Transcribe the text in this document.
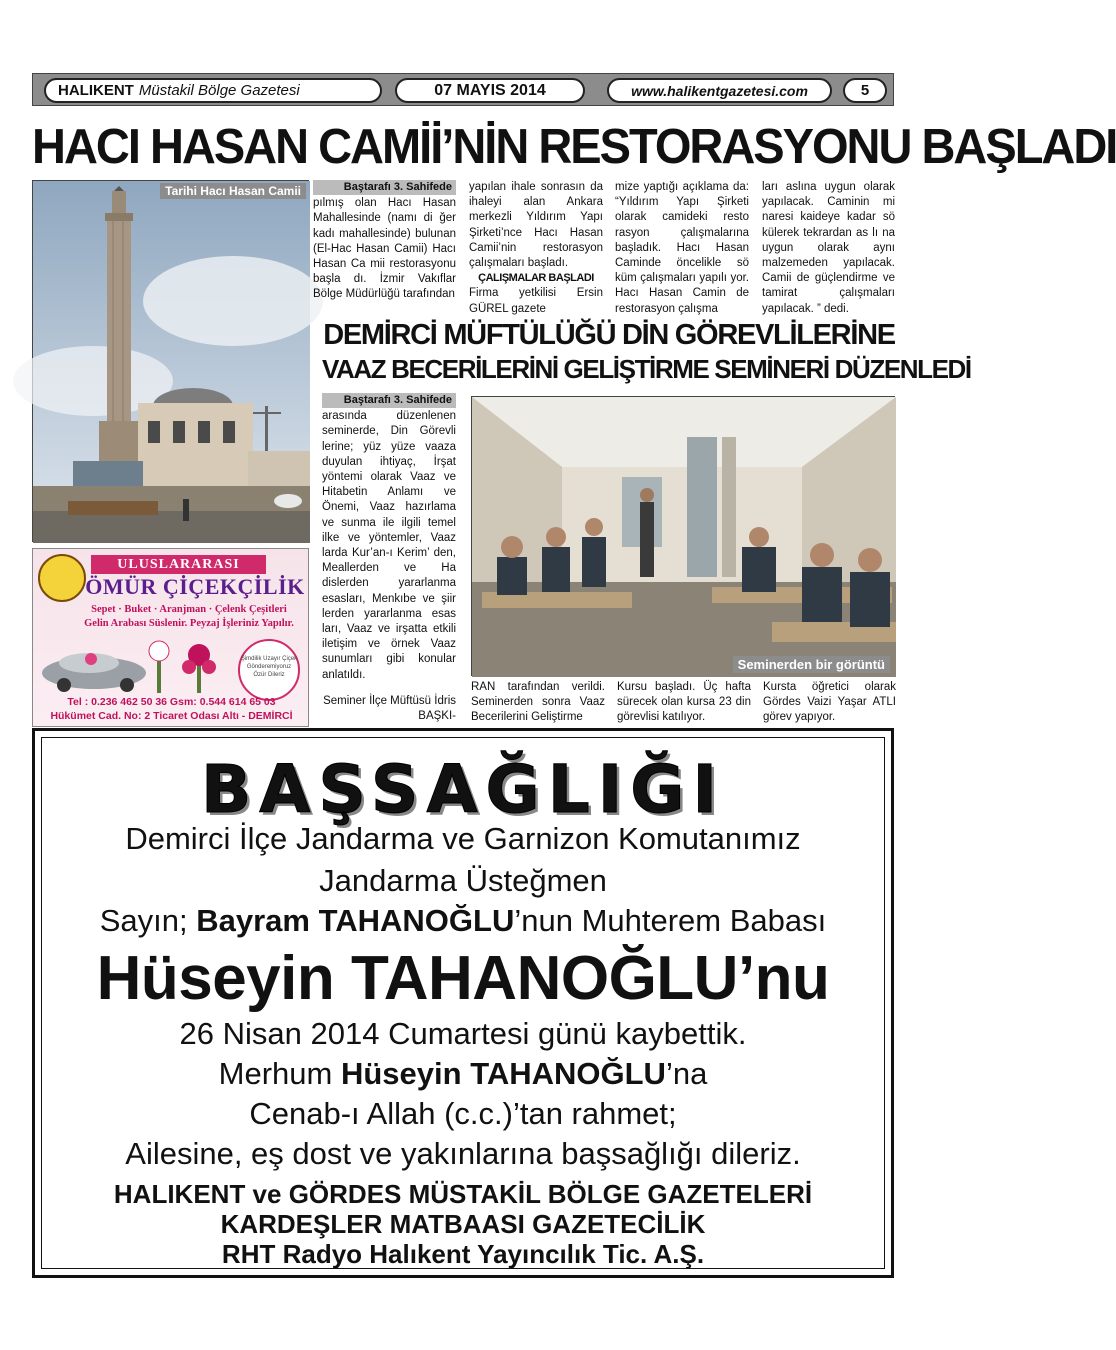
HALIKENT Müstakil Bölge Gazetesi	07 MAYIS 2014	www.halikentgazetesi.com	5
HACI HASAN CAMİİ’NİN RESTORASYONU BAŞLADI
Tarihi Hacı Hasan Camii	Baştarafı 3. Sahifede pılmış olan Hacı Hasan Mahallesinde (namı di ğer kadı mahallesinde) bulunan (El-Hac Hasan Camii) Hacı Hasan Ca mii restorasyonu başla dı. İzmir Vakıflar Bölge Müdürlüğü tarafından
yapılan ihale sonrasın da ihaleyi alan Ankara merkezli Yıldırım Yapı Şirketi’nce Hacı Hasan Camii’nin restorasyon çalışmaları başladı.
ÇALIŞMALAR BAŞLADI
Firma yetkilisi Ersin GÜREL gazete
mize yaptığı açıklama da: “Yıldırım Yapı Şirketi olarak camideki resto rasyon çalışmalarına başladık. Hacı Hasan Caminde öncelikle sö küm çalışmaları yapılı yor. Hacı Hasan Camin de restorasyon çalışma
ları aslına uygun olarak yapılacak. Caminin mi naresi kaideye kadar sö külerek tekrardan as lı na uygun olarak aynı malzemeden yapılacak. Camii de güçlendirme ve tamirat çalışmaları yapılacak. ” dedi.
DEMİRCİ MÜFTÜLÜĞÜ DİN GÖREVLİLERİNE
VAAZ BECERİLERİNİ GELİŞTİRME SEMİNERİ DÜZENLEDİ
Baştarafı 3. Sahifede arasında düzenlenen seminerde, Din Görevli lerine; yüz yüze vaaza duyulan ihtiyaç, İrşat yöntemi olarak Vaaz ve Hitabetin Anlamı ve Önemi, Vaaz hazırlama ve sunma ile ilgili temel ilke ve yöntemler, Vaaz larda Kur’an-ı Kerim’ den, Meallerden ve Ha dislerden yararlanma esasları, Menkıbe ve şiir lerden yararlanma esas ları, Vaaz ve irşatta etkili iletişim ve örnek Vaaz sunumları gibi konular anlatıldı.
Seminer İlçe Müftüsü İdris BAŞKI-
Seminerden bir görüntü
RAN tarafından verildi. Seminerden sonra Vaaz Becerilerini Geliştirme
Kursu başladı. Üç hafta sürecek olan kursa 23 din görevlisi katılıyor.
Kursta öğretici olarak Gördes Vaizi Yaşar ATLI görev yapıyor.
ULUSLARARASI
ÖMÜR ÇİÇEKÇİLİK
Sepet · Buket · Aranjman · Çelenk Çeşitleri
Gelin Arabası Süslenir. Peyzaj İşleriniz Yapılır.
Şimdilik Uzayır Çiçek Gönderemiyoruz Özür Dileriz
Tel : 0.236 462 50 36 Gsm: 0.544 614 65 03
Hükümet Cad. No: 2 Ticaret Odası Altı - DEMİRCİ
BAŞSAĞLIĞI
Demirci İlçe Jandarma ve Garnizon Komutanımız
Jandarma Üsteğmen
Sayın; Bayram TAHANOĞLU’nun Muhterem Babası
Hüseyin TAHANOĞLU’nu
26 Nisan 2014 Cumartesi günü kaybettik.
Merhum Hüseyin TAHANOĞLU’na
Cenab-ı Allah (c.c.)’tan rahmet;
Ailesine, eş dost ve yakınlarına başsağlığı dileriz.
HALIKENT ve GÖRDES MÜSTAKİL BÖLGE GAZETELERİ
KARDEŞLER MATBAASI GAZETECİLİK
RHT Radyo Halıkent Yayıncılık Tic. A.Ş.
